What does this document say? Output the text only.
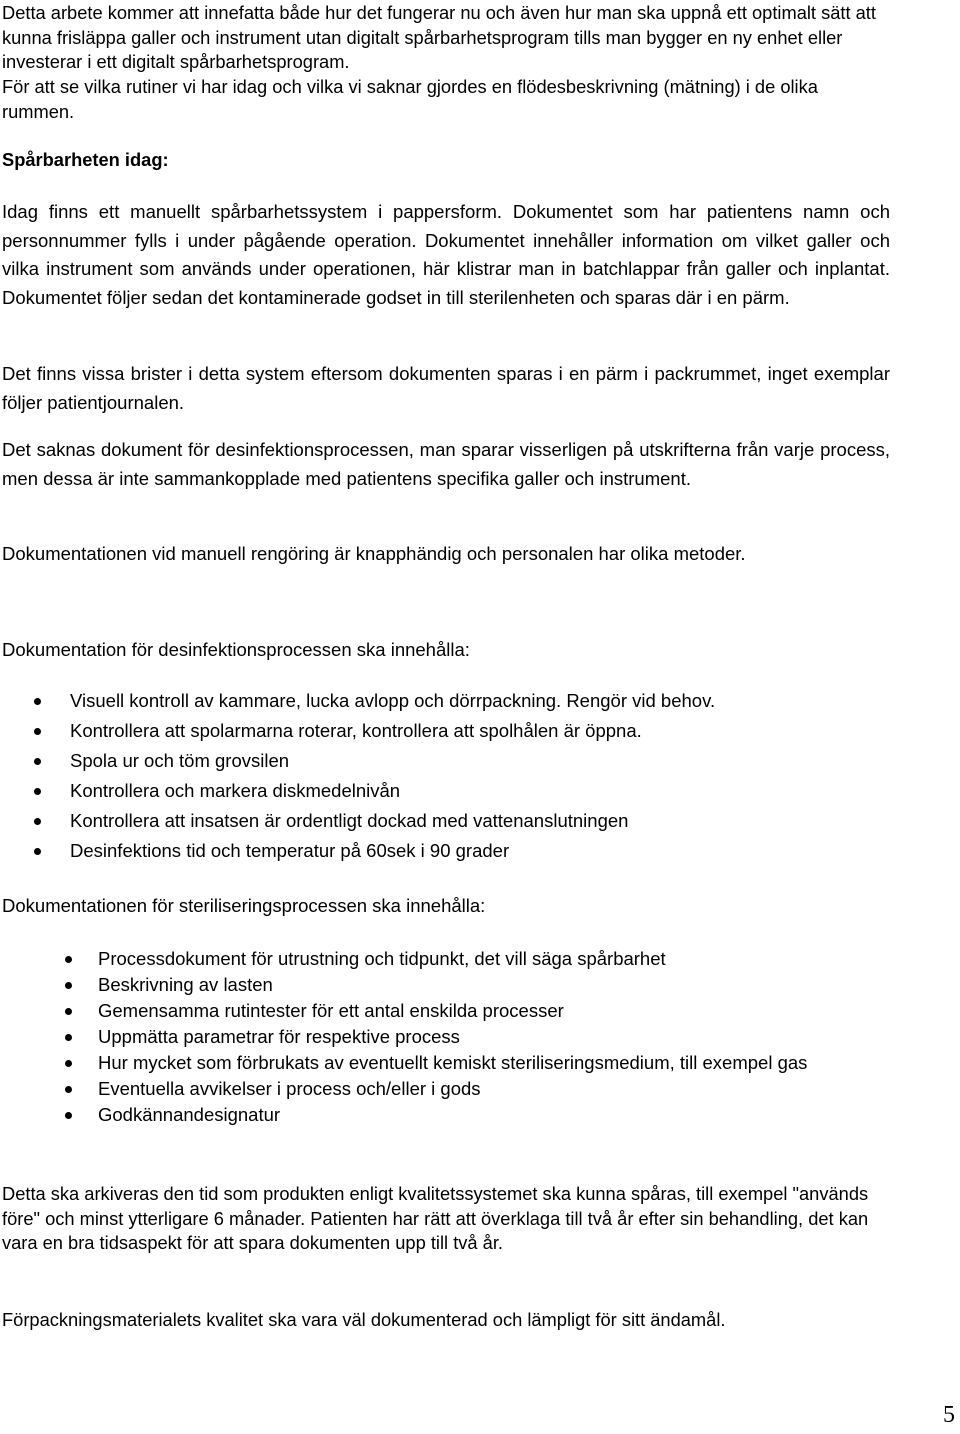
Detta arbete kommer att innefatta både hur det fungerar nu och även hur man ska uppnå ett optimalt sätt att kunna frisläppa galler och instrument utan digitalt spårbarhetsprogram tills man bygger en ny enhet eller investerar i ett digitalt spårbarhetsprogram.

För att se vilka rutiner vi har idag och vilka vi saknar gjordes en flödesbeskrivning (mätning) i de olika rummen.

Spårbarheten idag:

Idag finns ett manuellt spårbarhetssystem i pappersform. Dokumentet som har patientens namn och personnummer fylls i under pågående operation. Dokumentet innehåller information om vilket galler och vilka instrument som används under operationen, här klistrar man in batchlappar från galler och inplantat. Dokumentet följer sedan det kontaminerade godset in till sterilenheten och sparas där i en pärm.

Det finns vissa brister i detta system eftersom dokumenten sparas i en pärm i packrummet, inget exemplar följer patientjournalen.

Det saknas dokument för desinfektionsprocessen, man sparar visserligen på utskrifterna från varje process, men dessa är inte sammankopplade med patientens specifika galler och instrument.

Dokumentationen vid manuell rengöring är knapphändig och personalen har olika metoder.

Dokumentation för desinfektionsprocessen ska innehålla:

Visuell kontroll av kammare, lucka avlopp och dörrpackning. Rengör vid behov.
Kontrollera att spolarmarna roterar, kontrollera att spolhålen är öppna.
Spola ur och töm grovsilen
Kontrollera och markera diskmedelnivån
Kontrollera att insatsen är ordentligt dockad med vattenanslutningen
Desinfektions tid och temperatur på 60sek i 90 grader

Dokumentationen för steriliseringsprocessen ska innehålla:

Processdokument för utrustning och tidpunkt, det vill säga spårbarhet
Beskrivning av lasten
Gemensamma rutintester för ett antal enskilda processer
Uppmätta parametrar för respektive process
Hur mycket som förbrukats av eventuellt kemiskt steriliseringsmedium, till exempel gas
Eventuella avvikelser i process och/eller i gods
Godkännandesignatur

Detta ska arkiveras den tid som produkten enligt kvalitetssystemet ska kunna spåras, till exempel "används före" och minst ytterligare 6 månader. Patienten har rätt att överklaga till två år efter sin behandling, det kan vara en bra tidsaspekt för att spara dokumenten upp till två år.

Förpackningsmaterialets kvalitet ska vara väl dokumenterad och lämpligt för sitt ändamål.

5
